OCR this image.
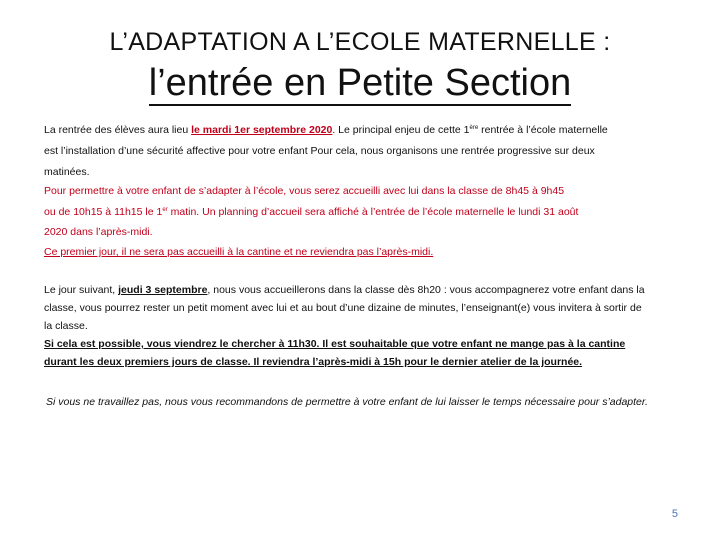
L’ADAPTATION A L’ECOLE MATERNELLE :
l’entrée en Petite Section
La rentrée des élèves aura lieu le mardi 1er septembre 2020. Le principal enjeu de cette 1ère rentrée à l’école maternelle
est l’installation d’une sécurité affective pour votre enfant Pour cela, nous organisons une rentrée progressive sur deux
matinées.
Pour permettre à votre enfant de s’adapter à l’école, vous serez accueilli avec lui dans la classe de 8h45 à 9h45
ou de 10h15 à 11h15 le 1er matin. Un planning d’accueil sera affiché à l’entrée de l’école maternelle le lundi 31 août
2020 dans l’après-midi.
Ce premier jour, il ne sera pas accueilli à la cantine et ne reviendra pas l’après-midi.
Le jour suivant, jeudi 3 septembre, nous vous accueillerons dans la classe dès 8h20 : vous accompagnerez votre enfant dans la
classe, vous pourrez rester un petit moment avec lui et au bout d’une dizaine de minutes, l’enseignant(e) vous invitera à sortir de
la classe.
Si cela est possible, vous viendrez le chercher à 11h30. Il est souhaitable que votre enfant ne mange pas à la cantine
durant les deux premiers jours de classe. Il reviendra l’après-midi à 15h pour le dernier atelier de la journée.
Si vous ne travaillez pas, nous vous recommandons de permettre à votre enfant de lui laisser le temps nécessaire pour s’adapter.
5
